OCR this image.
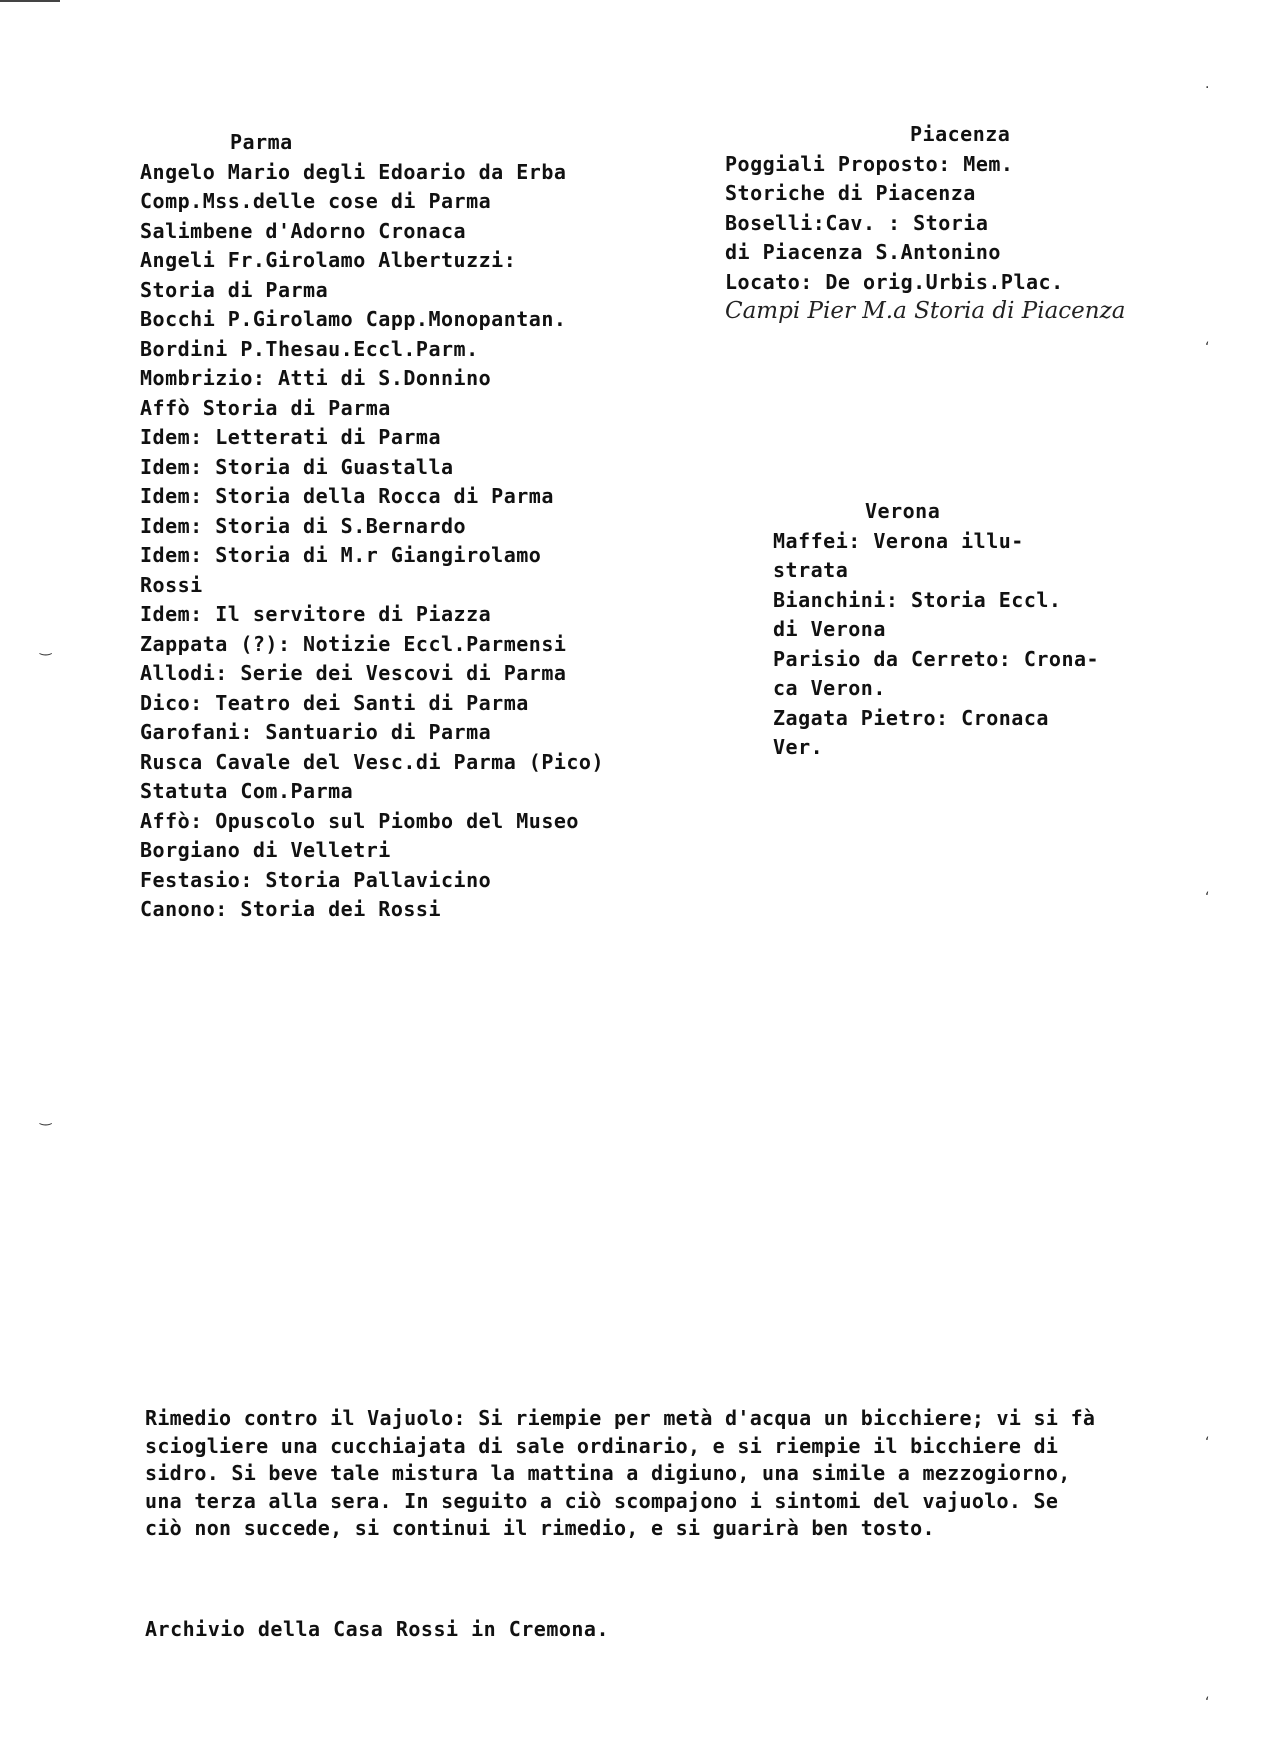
Parma
Angelo Mario degli Edoario da Erba
Comp.Mss.delle cose di Parma
Salimbene d'Adorno Cronaca
Angeli Fr.Girolamo Albertuzzi:
Storia di Parma
Bocchi P.Girolamo Capp.Monopantan.
Bordini P.Thesau.Eccl.Parm.
Mombrizio: Atti di S.Donnino
Affò Storia di Parma
Idem: Letterati di Parma
Idem: Storia di Guastalla
Idem: Storia della Rocca di Parma
Idem: Storia di S.Bernardo
Idem: Storia di M.r Giangirolamo
Rossi
Idem: Il servitore di Piazza
Zappata (?): Notizie Eccl.Parmensi
Allodi: Serie dei Vescovi di Parma
Dico: Teatro dei Santi di Parma
Garofani: Santuario di Parma
Rusca Cavale del Vesc.di Parma (Pico)
Statuta Com.Parma
Affò: Opuscolo sul Piombo del Museo
Borgiano di Velletri
Festasio: Storia Pallavicino
Canono: Storia dei Rossi
Piacenza
Poggiali Proposto: Mem.
Storiche di Piacenza
Boselli:Cav. : Storia
di Piacenza S.Antonino
Locato: De orig.Urbis.Plac.
Campi Pier M.a Storia di Piacenza
Verona
Maffei: Verona illu-
strata
Bianchini: Storia Eccl.
di Verona
Parisio da Cerreto: Crona-
ca Veron.
Zagata Pietro: Cronaca
Ver.

Rimedio contro il Vajuolo: Si riempie per metà d'acqua un bicchiere; vi si fà sciogliere una cucchiajata di sale ordinario, e si riempie il bicchiere di sidro. Si beve tale mistura la mattina a digiuno, una simile a mezzogiorno, una terza alla sera. In seguito a ciò scompajono i sintomi del vajuolo. Se ciò non succede, si continui il rimedio, e si guarirà ben tosto.

Archivio della Casa Rossi in Cremona.

‿
‿
·
‘
‘
‘
‘
